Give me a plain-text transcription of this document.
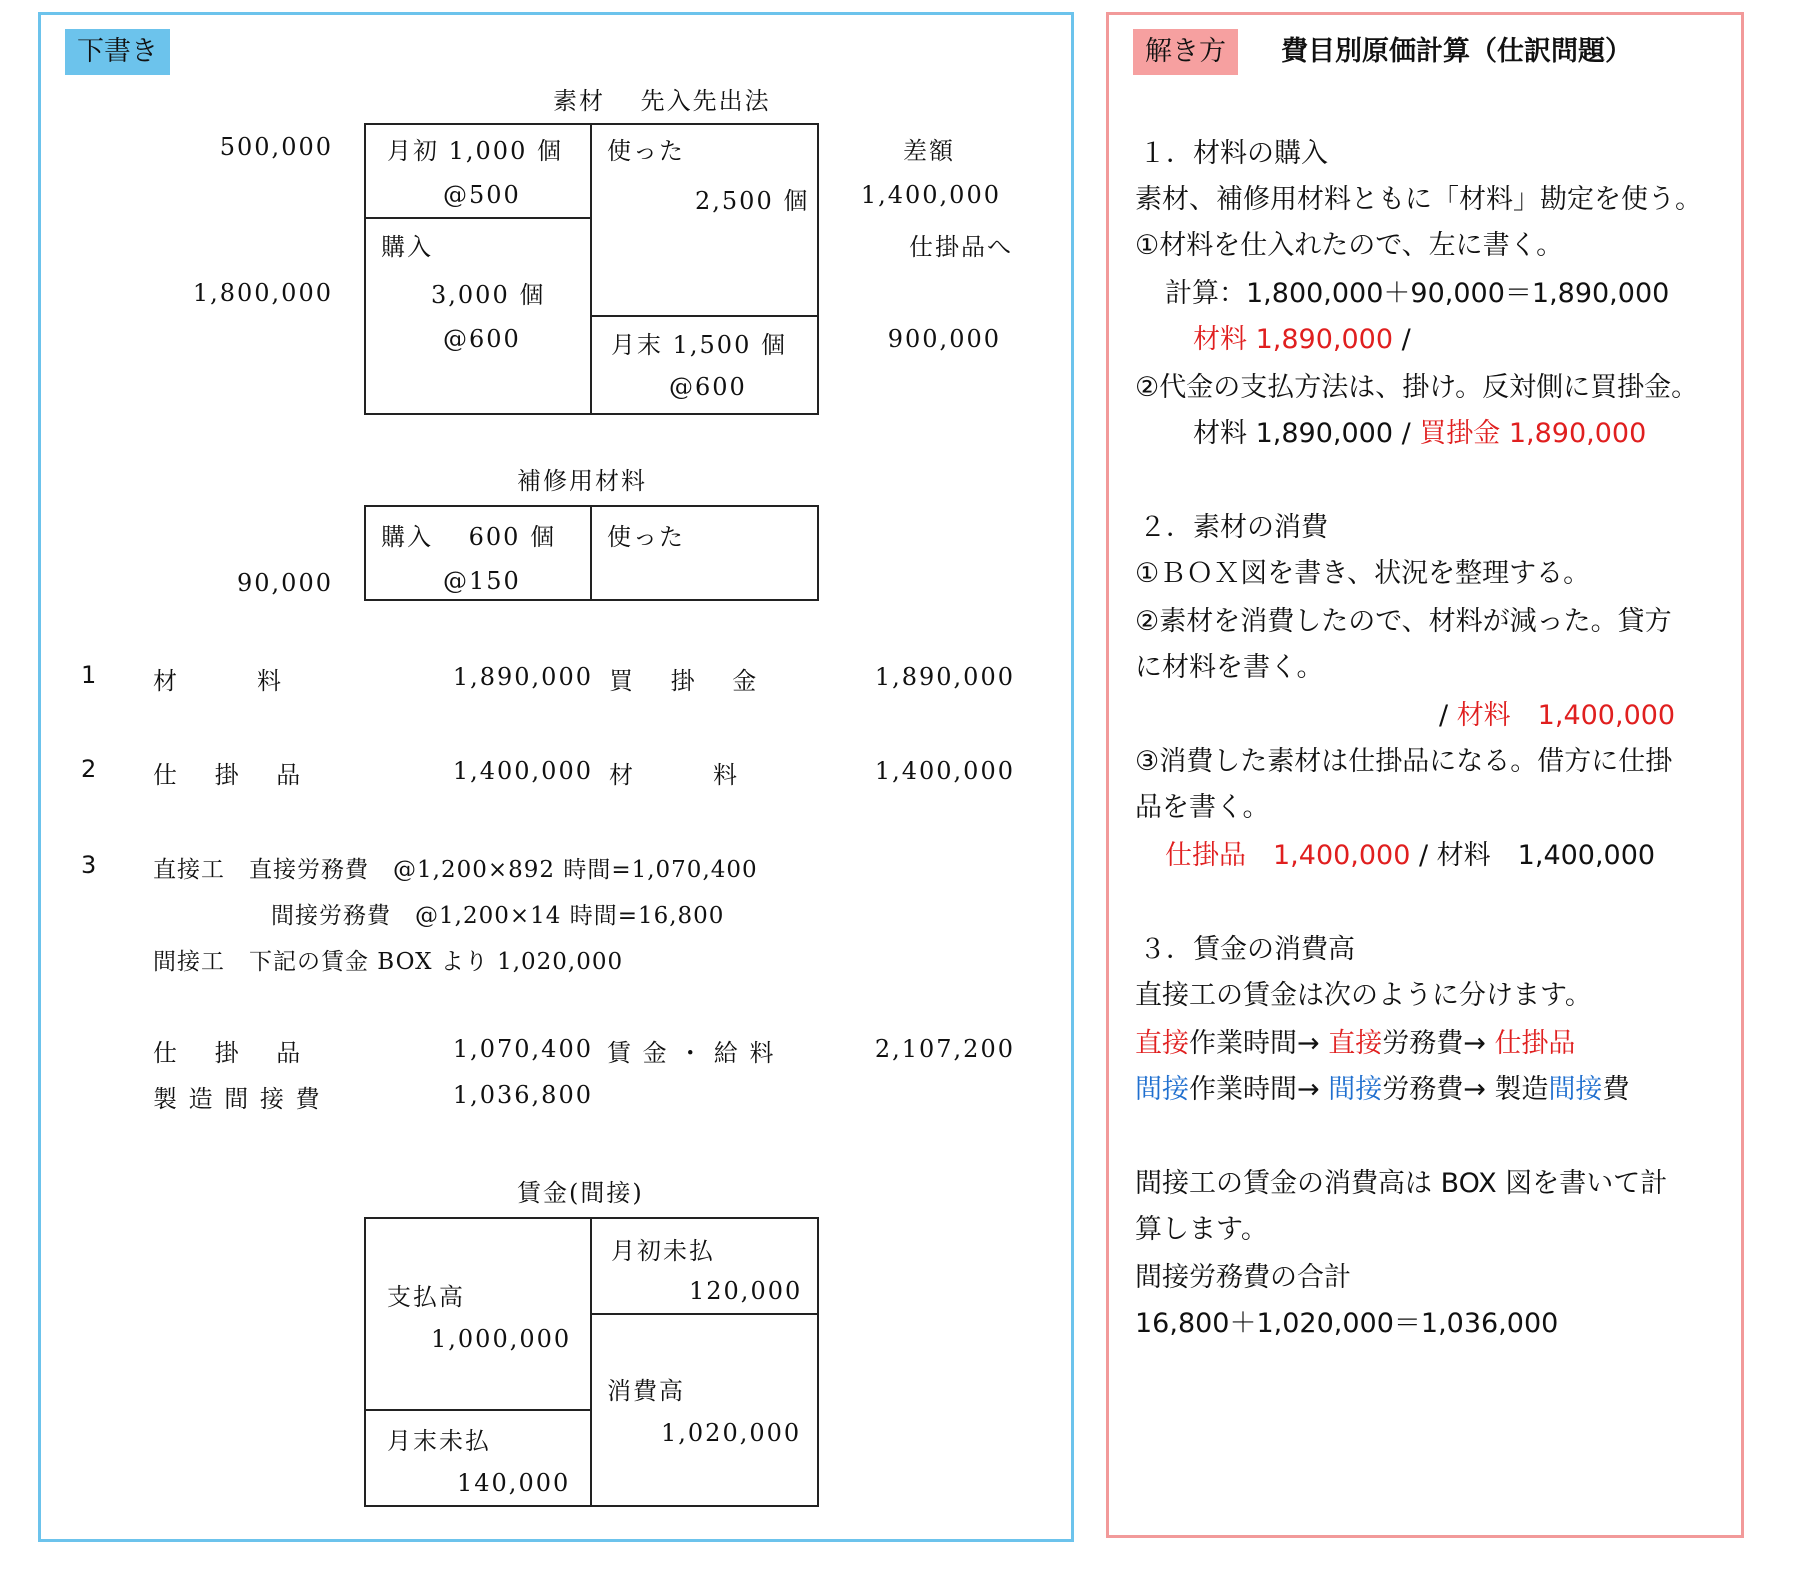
下書き
素材　 先入先出法
500,000 月初 1,000 個
@500
購入
1,800,000	3,000 個
@600
使った
2,500 個
月末 1,500 個
@600
差額
1,400,000
仕掛品へ
900,000
補修用材料
購入　 600 個
@150
使った
90,000
1 材　　　料	1,890,000 買　 掛　 金	1,890,000
2 仕　 掛　 品	1,400,000 材　　　料	1,400,000
3 直接工　直接労務費　@1,200×892 時間=1,070,400
間接労務費　@1,200×14 時間=16,800
間接工　下記の賃金 BOX より 1,020,000
仕　 掛　 品	1,070,400 賃 金 ・ 給 料	2,107,200
製 造 間 接 費	1,036,800
賃金(間接)
支払高
1,000,000
月末未払
140,000
月初未払
120,000
消費高
1,020,000
解き方	費目別原価計算（仕訳問題）
１．材料の購入
素材、補修用材料ともに「材料」勘定を使う。
①材料を仕入れたので、左に書く。
計算：1,800,000＋90,000＝1,890,000
材料 1,890,000 /
②代金の支払方法は、掛け。反対側に買掛金。
材料 1,890,000 / 買掛金 1,890,000
２．素材の消費
①ＢＯＸ図を書き、状況を整理する。
②素材を消費したので、材料が減った。貸方
に材料を書く。
/ 材料　1,400,000
③消費した素材は仕掛品になる。借方に仕掛
品を書く。
仕掛品　1,400,000 / 材料　1,400,000
３．賃金の消費高
直接工の賃金は次のように分けます。
直接作業時間→ 直接労務費→ 仕掛品
間接作業時間→ 間接労務費→ 製造間接費
間接工の賃金の消費高は BOX 図を書いて計
算します。
間接労務費の合計
16,800＋1,020,000＝1,036,000
